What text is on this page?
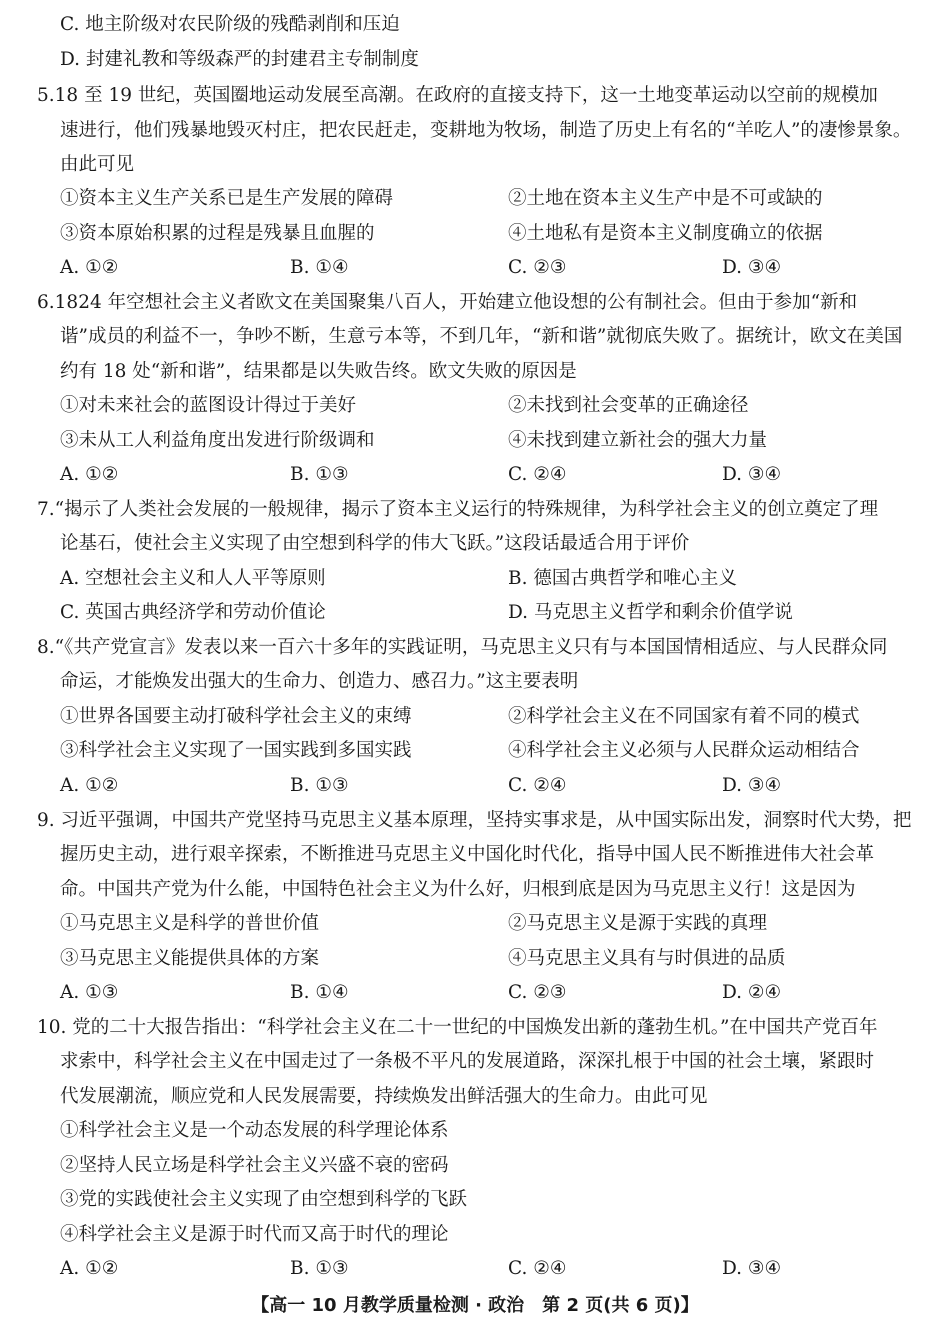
C. 地主阶级对农民阶级的残酷剥削和压迫
D. 封建礼教和等级森严的封建君主专制制度
5.18 至 19 世纪，英国圈地运动发展至高潮。在政府的直接支持下，这一土地变革运动以空前的规模加
速进行，他们残暴地毁灭村庄，把农民赶走，变耕地为牧场，制造了历史上有名的“羊吃人”的凄惨景象。
由此可见
①资本主义生产关系已是生产发展的障碍	②土地在资本主义生产中是不可或缺的
③资本原始积累的过程是残暴且血腥的	④土地私有是资本主义制度确立的依据
A. ①②	B. ①④	C. ②③	D. ③④
6.1824 年空想社会主义者欧文在美国聚集八百人，开始建立他设想的公有制社会。但由于参加“新和
谐”成员的利益不一，争吵不断，生意亏本等，不到几年，“新和谐”就彻底失败了。据统计，欧文在美国
约有 18 处“新和谐”，结果都是以失败告终。欧文失败的原因是
①对未来社会的蓝图设计得过于美好	②未找到社会变革的正确途径
③未从工人利益角度出发进行阶级调和	④未找到建立新社会的强大力量
A. ①②	B. ①③	C. ②④	D. ③④
7.“揭示了人类社会发展的一般规律，揭示了资本主义运行的特殊规律，为科学社会主义的创立奠定了理
论基石，使社会主义实现了由空想到科学的伟大飞跃。”这段话最适合用于评价
A. 空想社会主义和人人平等原则	B. 德国古典哲学和唯心主义
C. 英国古典经济学和劳动价值论	D. 马克思主义哲学和剩余价值学说
8.“《共产党宣言》发表以来一百六十多年的实践证明，马克思主义只有与本国国情相适应、与人民群众同
命运，才能焕发出强大的生命力、创造力、感召力。”这主要表明
①世界各国要主动打破科学社会主义的束缚	②科学社会主义在不同国家有着不同的模式
③科学社会主义实现了一国实践到多国实践	④科学社会主义必须与人民群众运动相结合
A. ①②	B. ①③	C. ②④	D. ③④
9. 习近平强调，中国共产党坚持马克思主义基本原理，坚持实事求是，从中国实际出发，洞察时代大势，把
握历史主动，进行艰辛探索，不断推进马克思主义中国化时代化，指导中国人民不断推进伟大社会革
命。中国共产党为什么能，中国特色社会主义为什么好，归根到底是因为马克思主义行！这是因为
①马克思主义是科学的普世价值	②马克思主义是源于实践的真理
③马克思主义能提供具体的方案	④马克思主义具有与时俱进的品质
A. ①③	B. ①④	C. ②③	D. ②④
10. 党的二十大报告指出：“科学社会主义在二十一世纪的中国焕发出新的蓬勃生机。”在中国共产党百年
求索中，科学社会主义在中国走过了一条极不平凡的发展道路，深深扎根于中国的社会土壤，紧跟时
代发展潮流，顺应党和人民发展需要，持续焕发出鲜活强大的生命力。由此可见
①科学社会主义是一个动态发展的科学理论体系
②坚持人民立场是科学社会主义兴盛不衰的密码
③党的实践使社会主义实现了由空想到科学的飞跃
④科学社会主义是源于时代而又高于时代的理论
A. ①②	B. ①③	C. ②④	D. ③④
【高一 10 月教学质量检测 · 政治　第 2 页(共 6 页)】
